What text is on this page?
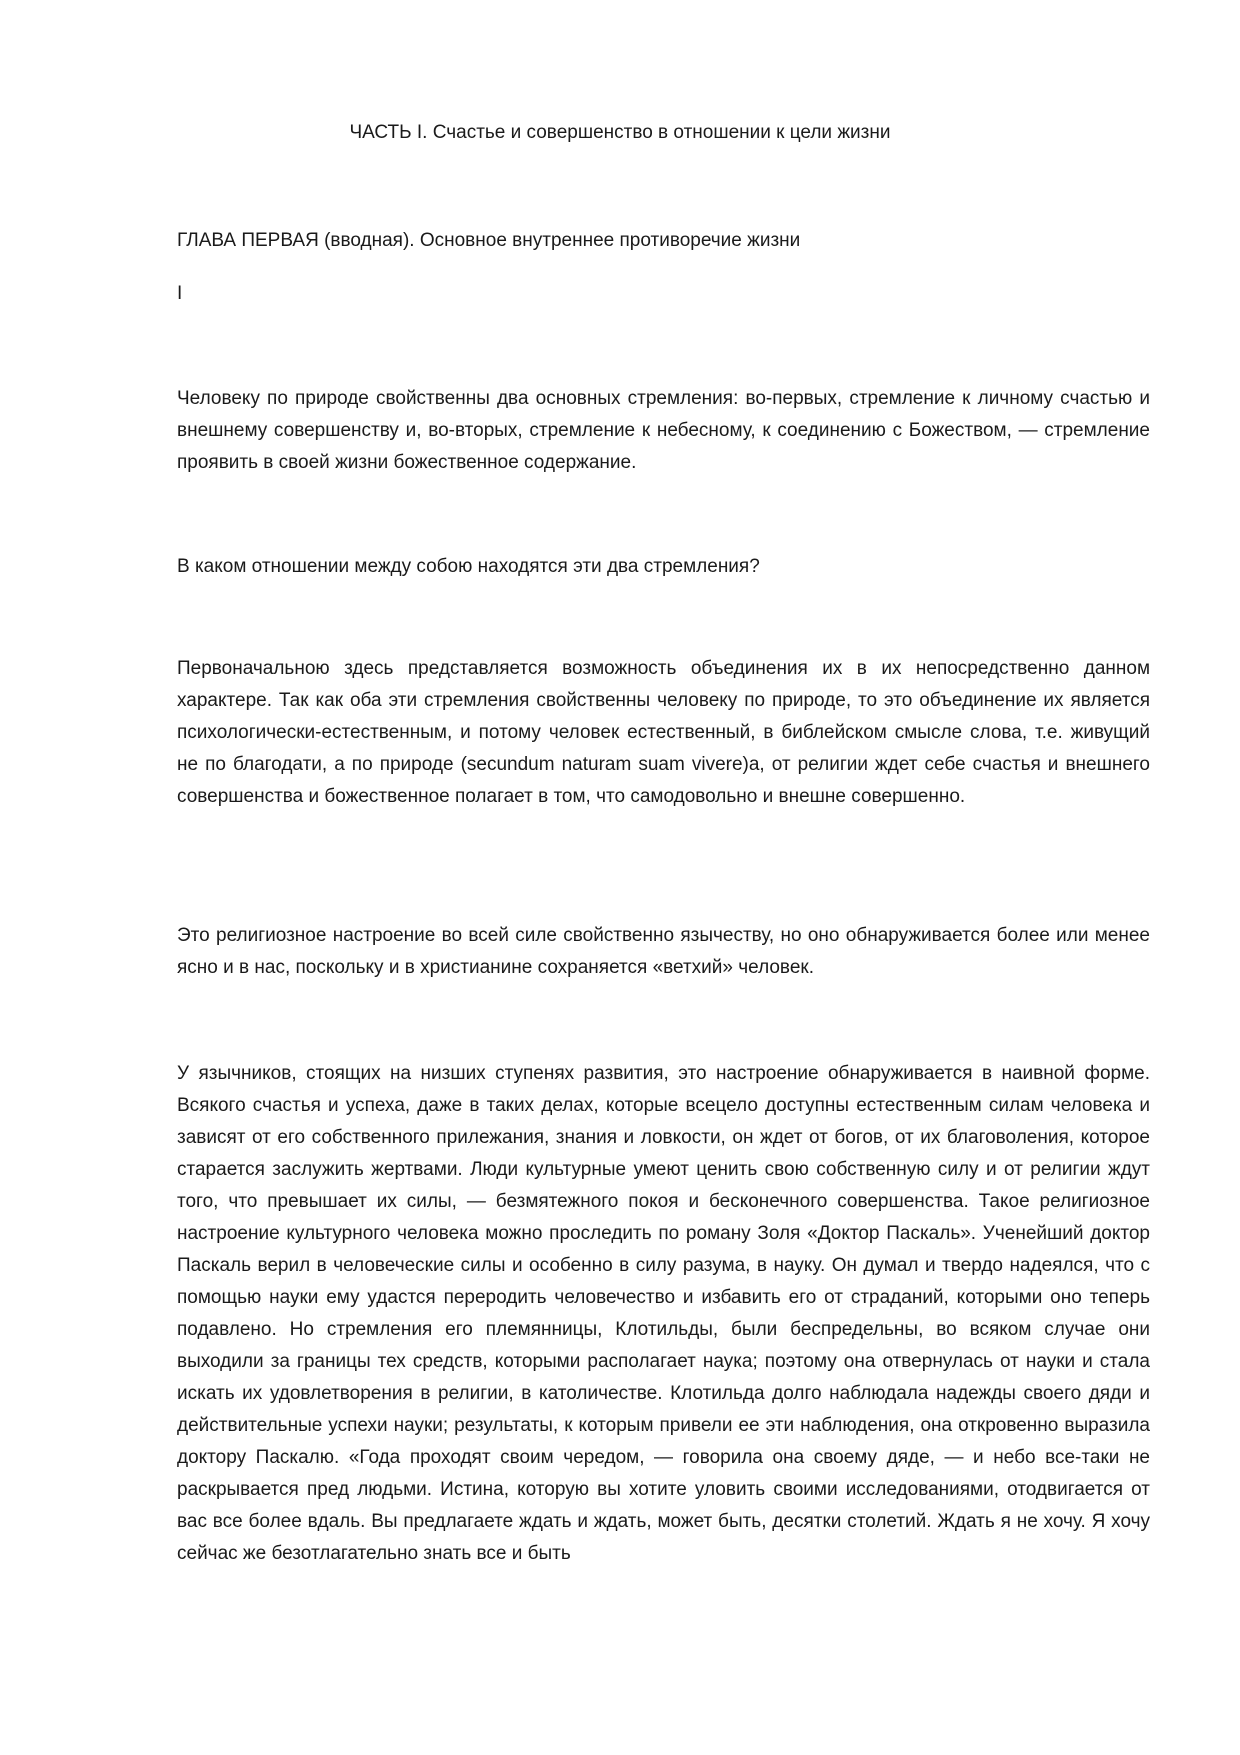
ЧАСТЬ I. Счастье и совершенство в отношении к цели жизни
ГЛАВА ПЕРВАЯ (вводная). Основное внутреннее противоречие жизни

I

Человеку по природе свойственны два основных стремления: во-первых, стремление к личному счастью и внешнему совершенству и, во-вторых, стремление к небесному, к соединению с Божеством, — стремление проявить в своей жизни божественное содержание.

В каком отношении между собою находятся эти два стремления?

Первоначальною здесь представляется возможность объединения их в их непосредственно данном характере. Так как оба эти стремления свойственны человеку по природе, то это объединение их является психологически-естественным, и потому человек естественный, в библейском смысле слова, т.е. живущий не по благодати, а по природе (secundum naturam suam vivere)а, от религии ждет себе счастья и внешнего совершенства и божественное полагает в том, что самодовольно и внешне совершенно.

Это религиозное настроение во всей силе свойственно язычеству, но оно обнаруживается более или менее ясно и в нас, поскольку и в христианине сохраняется «ветхий» человек.

У язычников, стоящих на низших ступенях развития, это настроение обнаруживается в наивной форме. Всякого счастья и успеха, даже в таких делах, которые всецело доступны естественным силам человека и зависят от его собственного прилежания, знания и ловкости, он ждет от богов, от их благоволения, которое старается заслужить жертвами. Люди культурные умеют ценить свою собственную силу и от религии ждут того, что превышает их силы, — безмятежного покоя и бесконечного совершенства. Такое религиозное настроение культурного человека можно проследить по роману Золя «Доктор Паскаль». Ученейший доктор Паскаль верил в человеческие силы и особенно в силу разума, в науку. Он думал и твердо надеялся, что с помощью науки ему удастся переродить человечество и избавить его от страданий, которыми оно теперь подавлено. Но стремления его племянницы, Клотильды, были беспредельны, во всяком случае они выходили за границы тех средств, которыми располагает наука; поэтому она отвернулась от науки и стала искать их удовлетворения в религии, в католичестве. Клотильда долго наблюдала надежды своего дяди и действительные успехи науки; результаты, к которым привели ее эти наблюдения, она откровенно выразила доктору Паскалю. «Года проходят своим чередом, — говорила она своему дяде, — и небо все-таки не раскрывается пред людьми. Истина, которую вы хотите уловить своими исследованиями, отодвигается от вас все более вдаль. Вы предлагаете ждать и ждать, может быть, десятки столетий. Ждать я не хочу. Я хочу сейчас же безотлагательно знать все и быть
